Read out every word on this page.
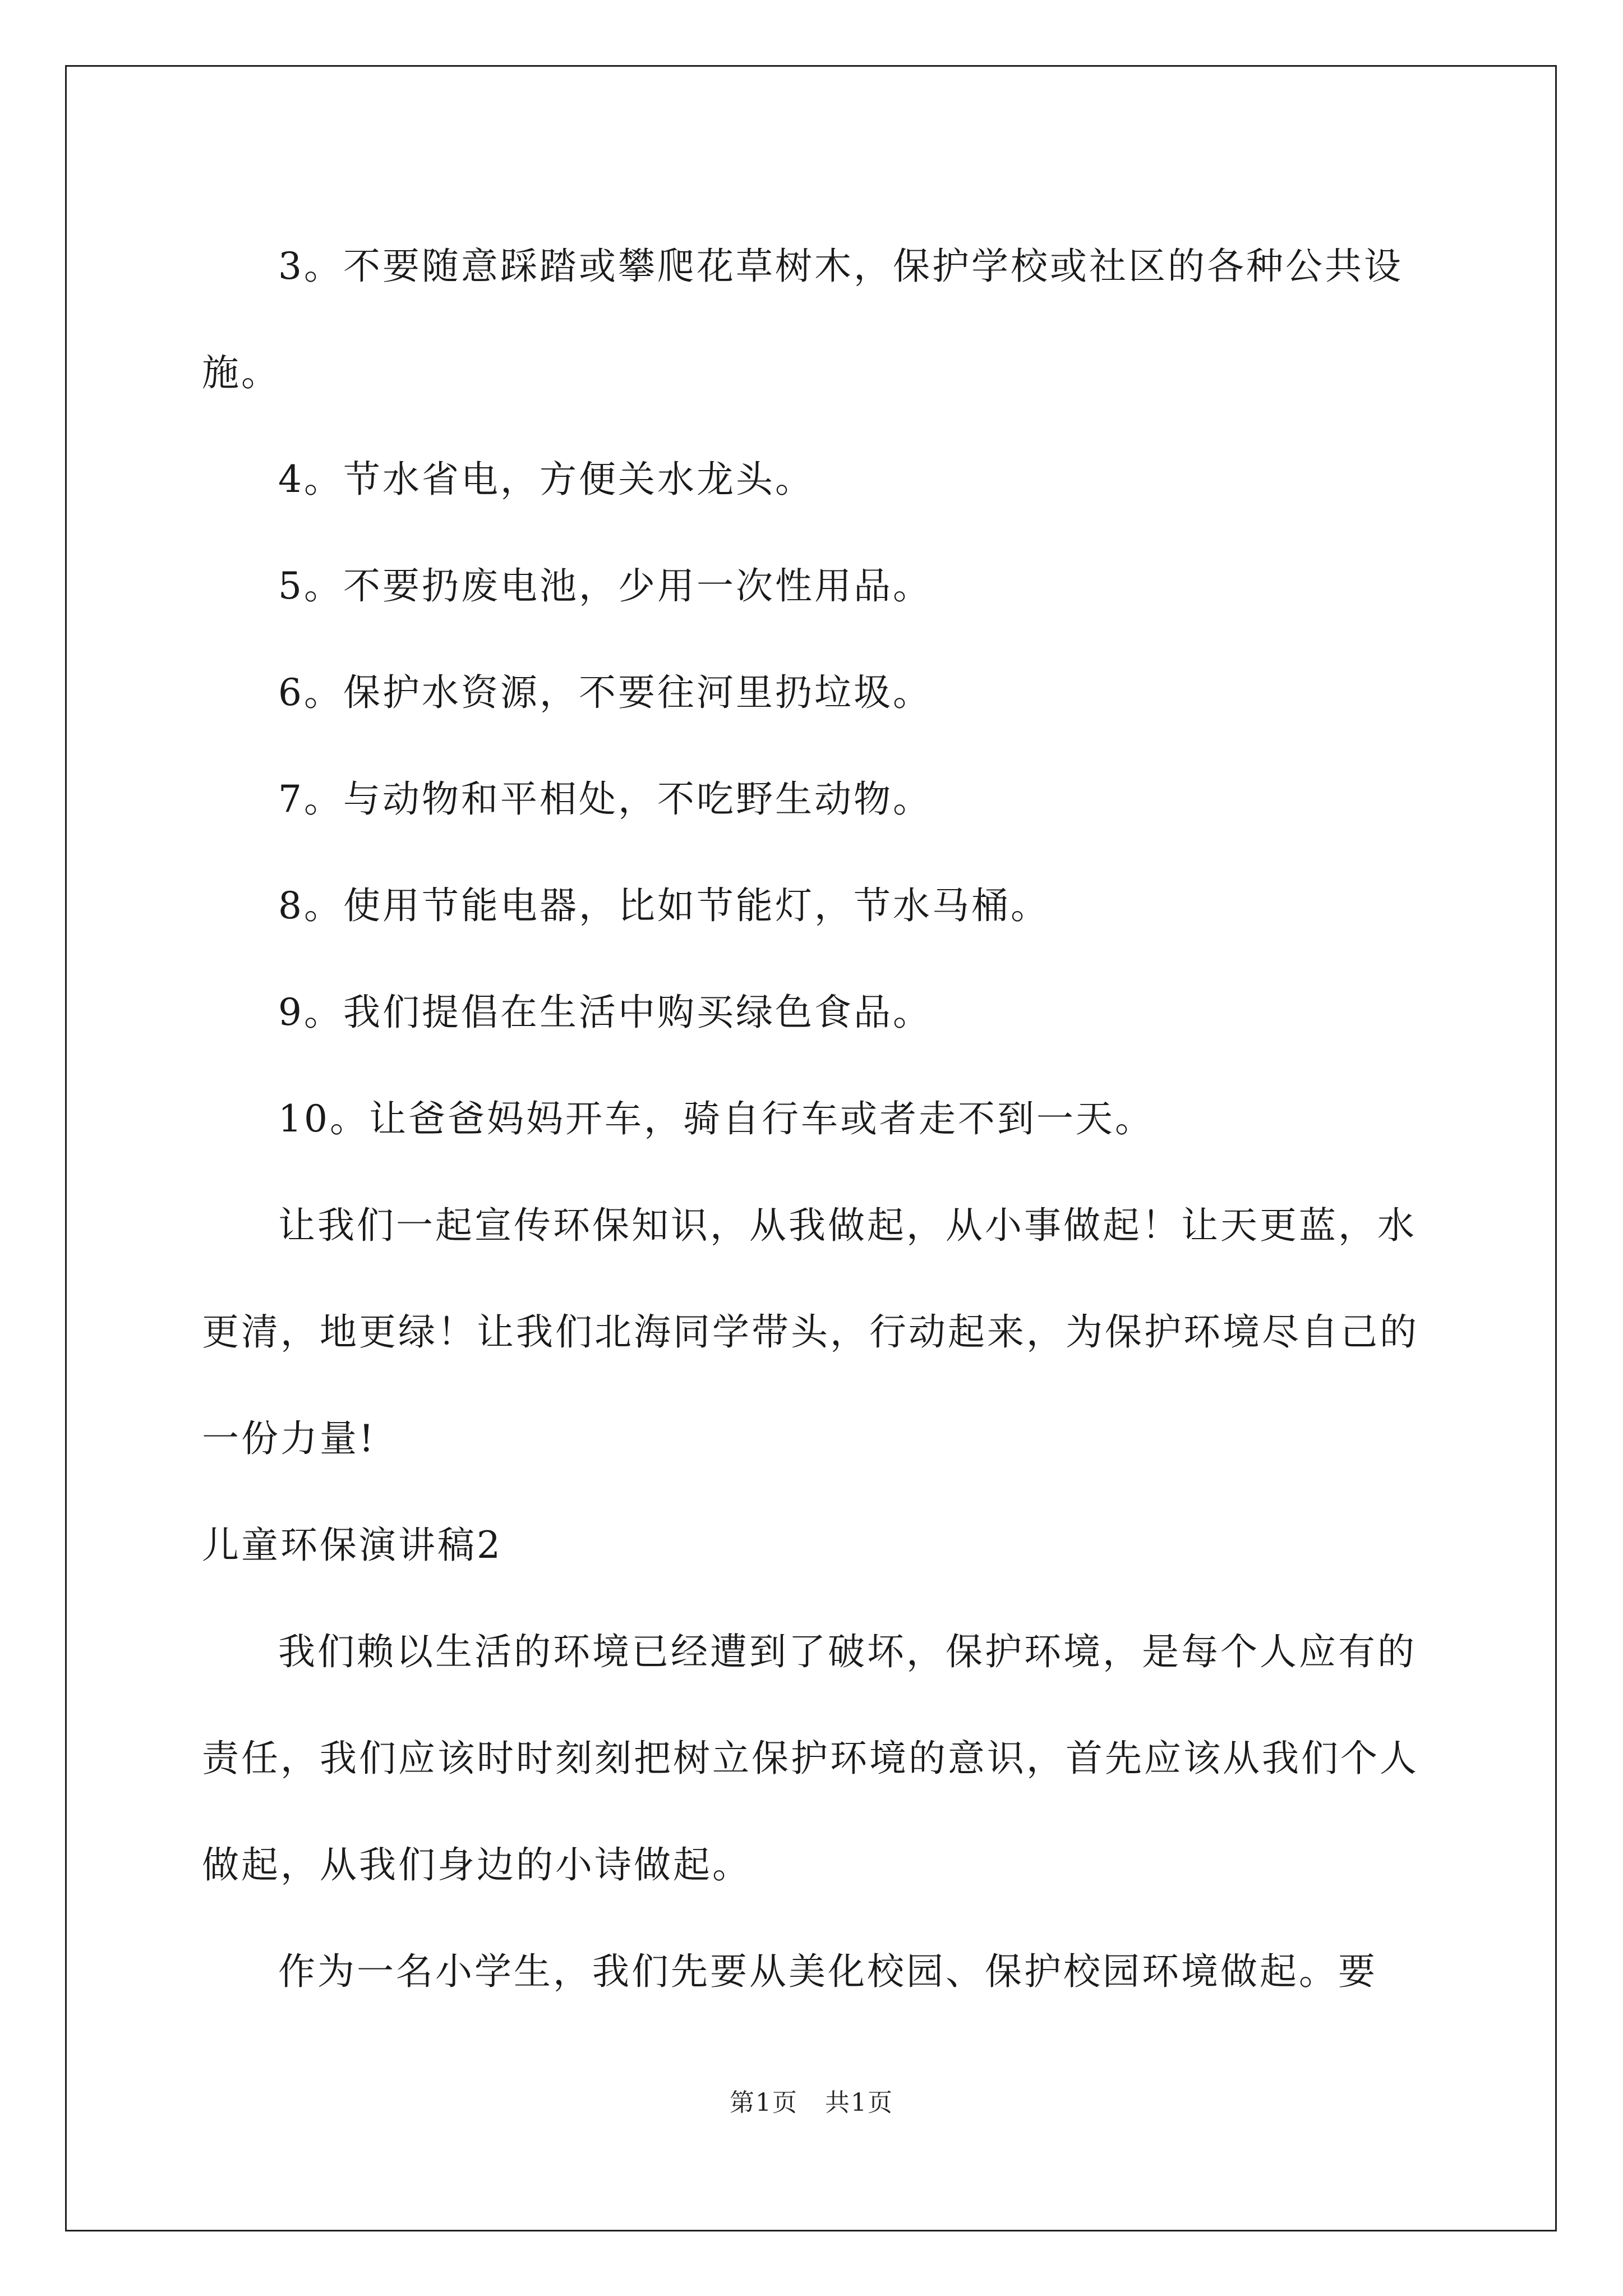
3。不要随意踩踏或攀爬花草树木，保护学校或社区的各种公共设施。

4。节水省电，方便关水龙头。

5。不要扔废电池，少用一次性用品。

6。保护水资源，不要往河里扔垃圾。

7。与动物和平相处，不吃野生动物。

8。使用节能电器，比如节能灯，节水马桶。

9。我们提倡在生活中购买绿色食品。

10。让爸爸妈妈开车，骑自行车或者走不到一天。

让我们一起宣传环保知识，从我做起，从小事做起！让天更蓝，水更清，地更绿！让我们北海同学带头，行动起来，为保护环境尽自己的一份力量!

儿童环保演讲稿2

我们赖以生活的环境已经遭到了破坏，保护环境，是每个人应有的责任，我们应该时时刻刻把树立保护环境的意识，首先应该从我们个人做起，从我们身边的小诗做起。

作为一名小学生，我们先要从美化校园、保护校园环境做起。要

第1页 共1页
